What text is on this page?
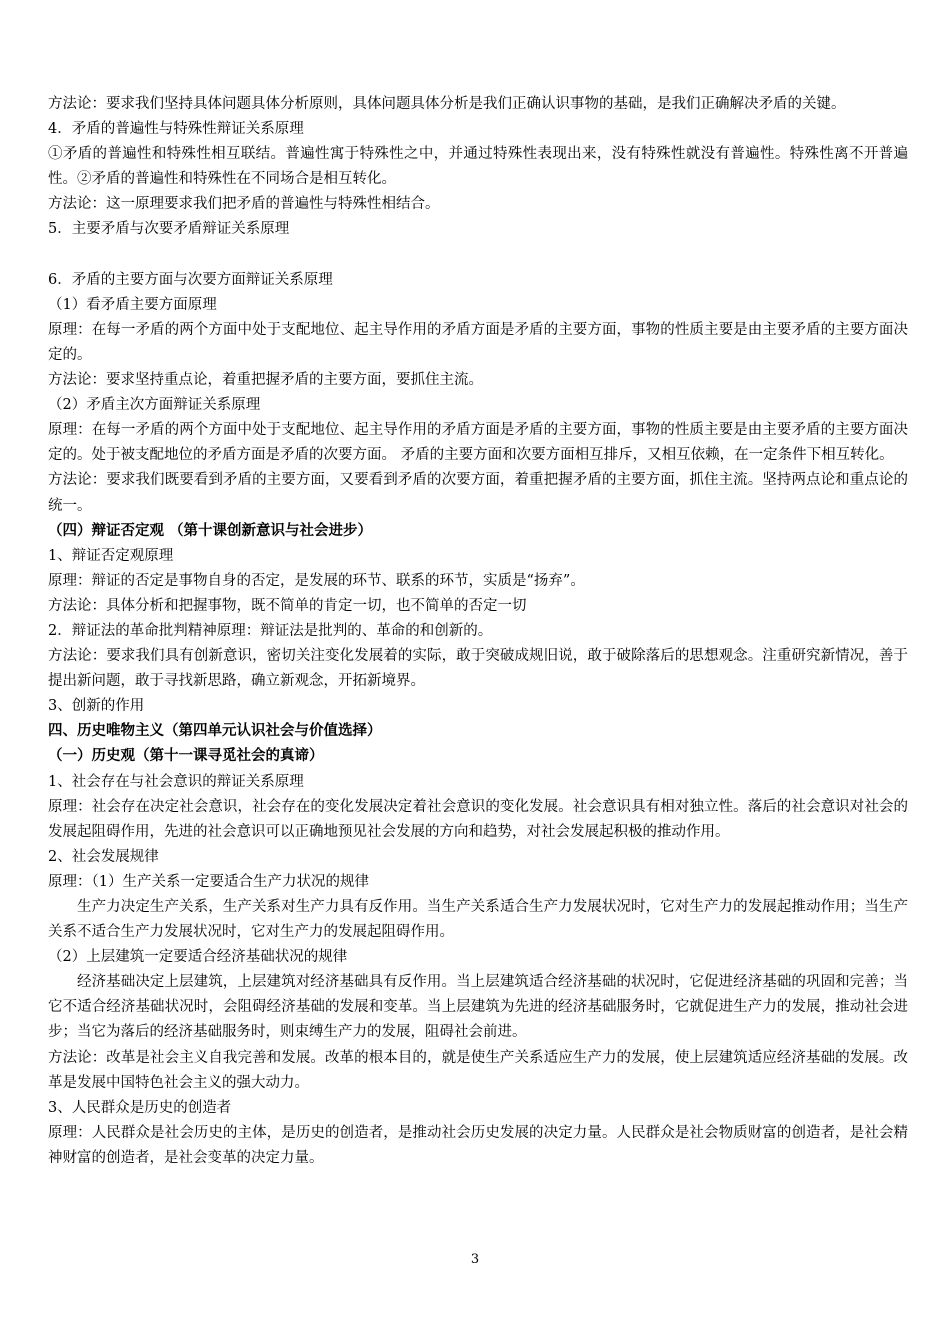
方法论：要求我们坚持具体问题具体分析原则，具体问题具体分析是我们正确认识事物的基础，是我们正确解决矛盾的关键。
4．矛盾的普遍性与特殊性辩证关系原理
①矛盾的普遍性和特殊性相互联结。普遍性寓于特殊性之中，并通过特殊性表现出来，没有特殊性就没有普遍性。特殊性离不开普遍性。②矛盾的普遍性和特殊性在不同场合是相互转化。
方法论：这一原理要求我们把矛盾的普遍性与特殊性相结合。
5．主要矛盾与次要矛盾辩证关系原理
6．矛盾的主要方面与次要方面辩证关系原理
（1）看矛盾主要方面原理
原理：在每一矛盾的两个方面中处于支配地位、起主导作用的矛盾方面是矛盾的主要方面，事物的性质主要是由主要矛盾的主要方面决定的。
方法论：要求坚持重点论，着重把握矛盾的主要方面，要抓住主流。
（2）矛盾主次方面辩证关系原理
原理：在每一矛盾的两个方面中处于支配地位、起主导作用的矛盾方面是矛盾的主要方面，事物的性质主要是由主要矛盾的主要方面决定的。处于被支配地位的矛盾方面是矛盾的次要方面。 矛盾的主要方面和次要方面相互排斥，又相互依赖，在一定条件下相互转化。
方法论：要求我们既要看到矛盾的主要方面，又要看到矛盾的次要方面，着重把握矛盾的主要方面，抓住主流。坚持两点论和重点论的统一。
（四）辩证否定观 （第十课创新意识与社会进步）
1、辩证否定观原理
原理：辩证的否定是事物自身的否定，是发展的环节、联系的环节，实质是“扬弃”。
方法论：具体分析和把握事物，既不简单的肯定一切，也不简单的否定一切
2．辩证法的革命批判精神原理：辩证法是批判的、革命的和创新的。
方法论：要求我们具有创新意识，密切关注变化发展着的实际，敢于突破成规旧说，敢于破除落后的思想观念。注重研究新情况，善于提出新问题，敢于寻找新思路，确立新观念，开拓新境界。
3、创新的作用
四、历史唯物主义（第四单元认识社会与价值选择）
（一）历史观（第十一课寻觅社会的真谛）
1、社会存在与社会意识的辩证关系原理
原理：社会存在决定社会意识，社会存在的变化发展决定着社会意识的变化发展。社会意识具有相对独立性。落后的社会意识对社会的发展起阻碍作用，先进的社会意识可以正确地预见社会发展的方向和趋势，对社会发展起积极的推动作用。
2、社会发展规律
原理：（1）生产关系一定要适合生产力状况的规律
生产力决定生产关系，生产关系对生产力具有反作用。当生产关系适合生产力发展状况时，它对生产力的发展起推动作用；当生产关系不适合生产力发展状况时，它对生产力的发展起阻碍作用。
（2）上层建筑一定要适合经济基础状况的规律
经济基础决定上层建筑，上层建筑对经济基础具有反作用。当上层建筑适合经济基础的状况时，它促进经济基础的巩固和完善；当它不适合经济基础状况时，会阻碍经济基础的发展和变革。当上层建筑为先进的经济基础服务时，它就促进生产力的发展，推动社会进步；当它为落后的经济基础服务时，则束缚生产力的发展，阻碍社会前进。
方法论：改革是社会主义自我完善和发展。改革的根本目的，就是使生产关系适应生产力的发展，使上层建筑适应经济基础的发展。改革是发展中国特色社会主义的强大动力。
3、人民群众是历史的创造者
原理：人民群众是社会历史的主体，是历史的创造者，是推动社会历史发展的决定力量。人民群众是社会物质财富的创造者，是社会精神财富的创造者，是社会变革的决定力量。
3
